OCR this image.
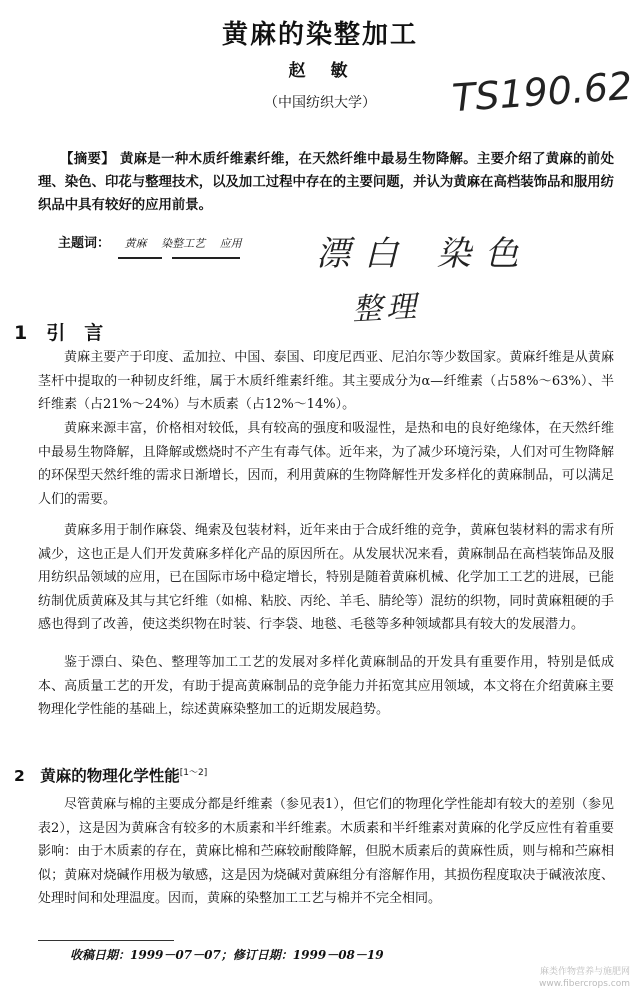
黄麻的染整加工
赵　敏
（中国纺织大学）	TS190.62
漂白 染色
整理
【摘要】 黄麻是一种木质纤维素纤维，在天然纤维中最易生物降解。主要介绍了黄麻的前处理、染色、印花与整理技术，以及加工过程中存在的主要问题，并认为黄麻在高档装饰品和服用纺织品中具有较好的应用前景。
主题词： 黄麻 染整工艺 应用
1　引　言
黄麻主要产于印度、孟加拉、中国、泰国、印度尼西亚、尼泊尔等少数国家。黄麻纤维是从黄麻茎杆中提取的一种韧皮纤维，属于木质纤维素纤维。其主要成分为α—纤维素（占58%～63%）、半纤维素（占21%～24%）与木质素（占12%～14%）。
黄麻来源丰富，价格相对较低，具有较高的强度和吸湿性，是热和电的良好绝缘体，在天然纤维中最易生物降解，且降解或燃烧时不产生有毒气体。近年来，为了减少环境污染，人们对可生物降解的环保型天然纤维的需求日渐增长，因而，利用黄麻的生物降解性开发多样化的黄麻制品，可以满足人们的需要。
黄麻多用于制作麻袋、绳索及包装材料，近年来由于合成纤维的竞争，黄麻包装材料的需求有所减少，这也正是人们开发黄麻多样化产品的原因所在。从发展状况来看，黄麻制品在高档装饰品及服用纺织品领域的应用，已在国际市场中稳定增长，特别是随着黄麻机械、化学加工工艺的进展，已能纺制优质黄麻及其与其它纤维（如棉、粘胶、丙纶、羊毛、腈纶等）混纺的织物，同时黄麻粗硬的手感也得到了改善，使这类织物在时装、行李袋、地毯、毛毯等多种领域都具有较大的发展潜力。
鉴于漂白、染色、整理等加工工艺的发展对多样化黄麻制品的开发具有重要作用，特别是低成本、高质量工艺的开发，有助于提高黄麻制品的竞争能力并拓宽其应用领域，本文将在介绍黄麻主要物理化学性能的基础上，综述黄麻染整加工的近期发展趋势。
2　黄麻的物理化学性能[1～2]
尽管黄麻与棉的主要成分都是纤维素（参见表1），但它们的物理化学性能却有较大的差别（参见表2），这是因为黄麻含有较多的木质素和半纤维素。木质素和半纤维素对黄麻的化学反应性有着重要影响：由于木质素的存在，黄麻比棉和苎麻较耐酸降解，但脱木质素后的黄麻性质，则与棉和苎麻相似；黄麻对烧碱作用极为敏感，这是因为烧碱对黄麻组分有溶解作用，其损伤程度取决于碱液浓度、处理时间和处理温度。因而，黄麻的染整加工工艺与棉并不完全相同。
收稿日期：1999－07－07；修订日期：1999－08－19
麻类作物营养与施肥网
www.fibercrops.com
